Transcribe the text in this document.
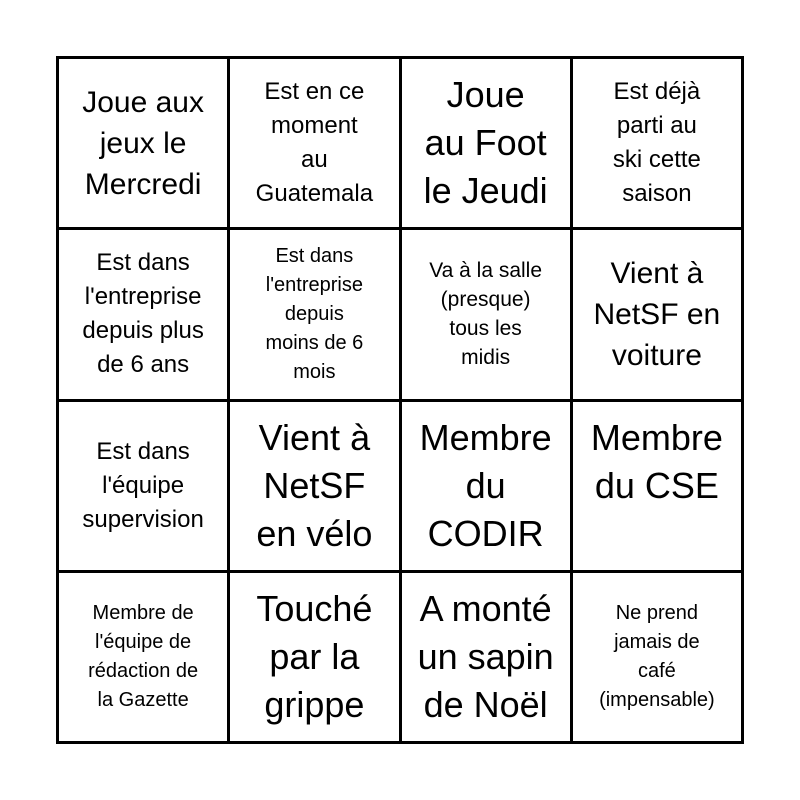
Joue aux
jeux le
Mercredi
Est en ce
moment
au
Guatemala
Joue
au Foot
le Jeudi
Est déjà
parti au
ski cette
saison
Est dans
l'entreprise
depuis plus
de 6 ans
Est dans
l'entreprise
depuis
moins de 6
mois
Va à la salle
(presque)
tous les
midis
Vient à
NetSF en
voiture
Est dans
l'équipe
supervision
Vient à
NetSF
en vélo
Membre
du
CODIR
Membre
du CSE
Membre de
l'équipe de
rédaction de
la Gazette
Touché
par la
grippe
A monté
un sapin
de Noël
Ne prend
jamais de
café
(impensable)
